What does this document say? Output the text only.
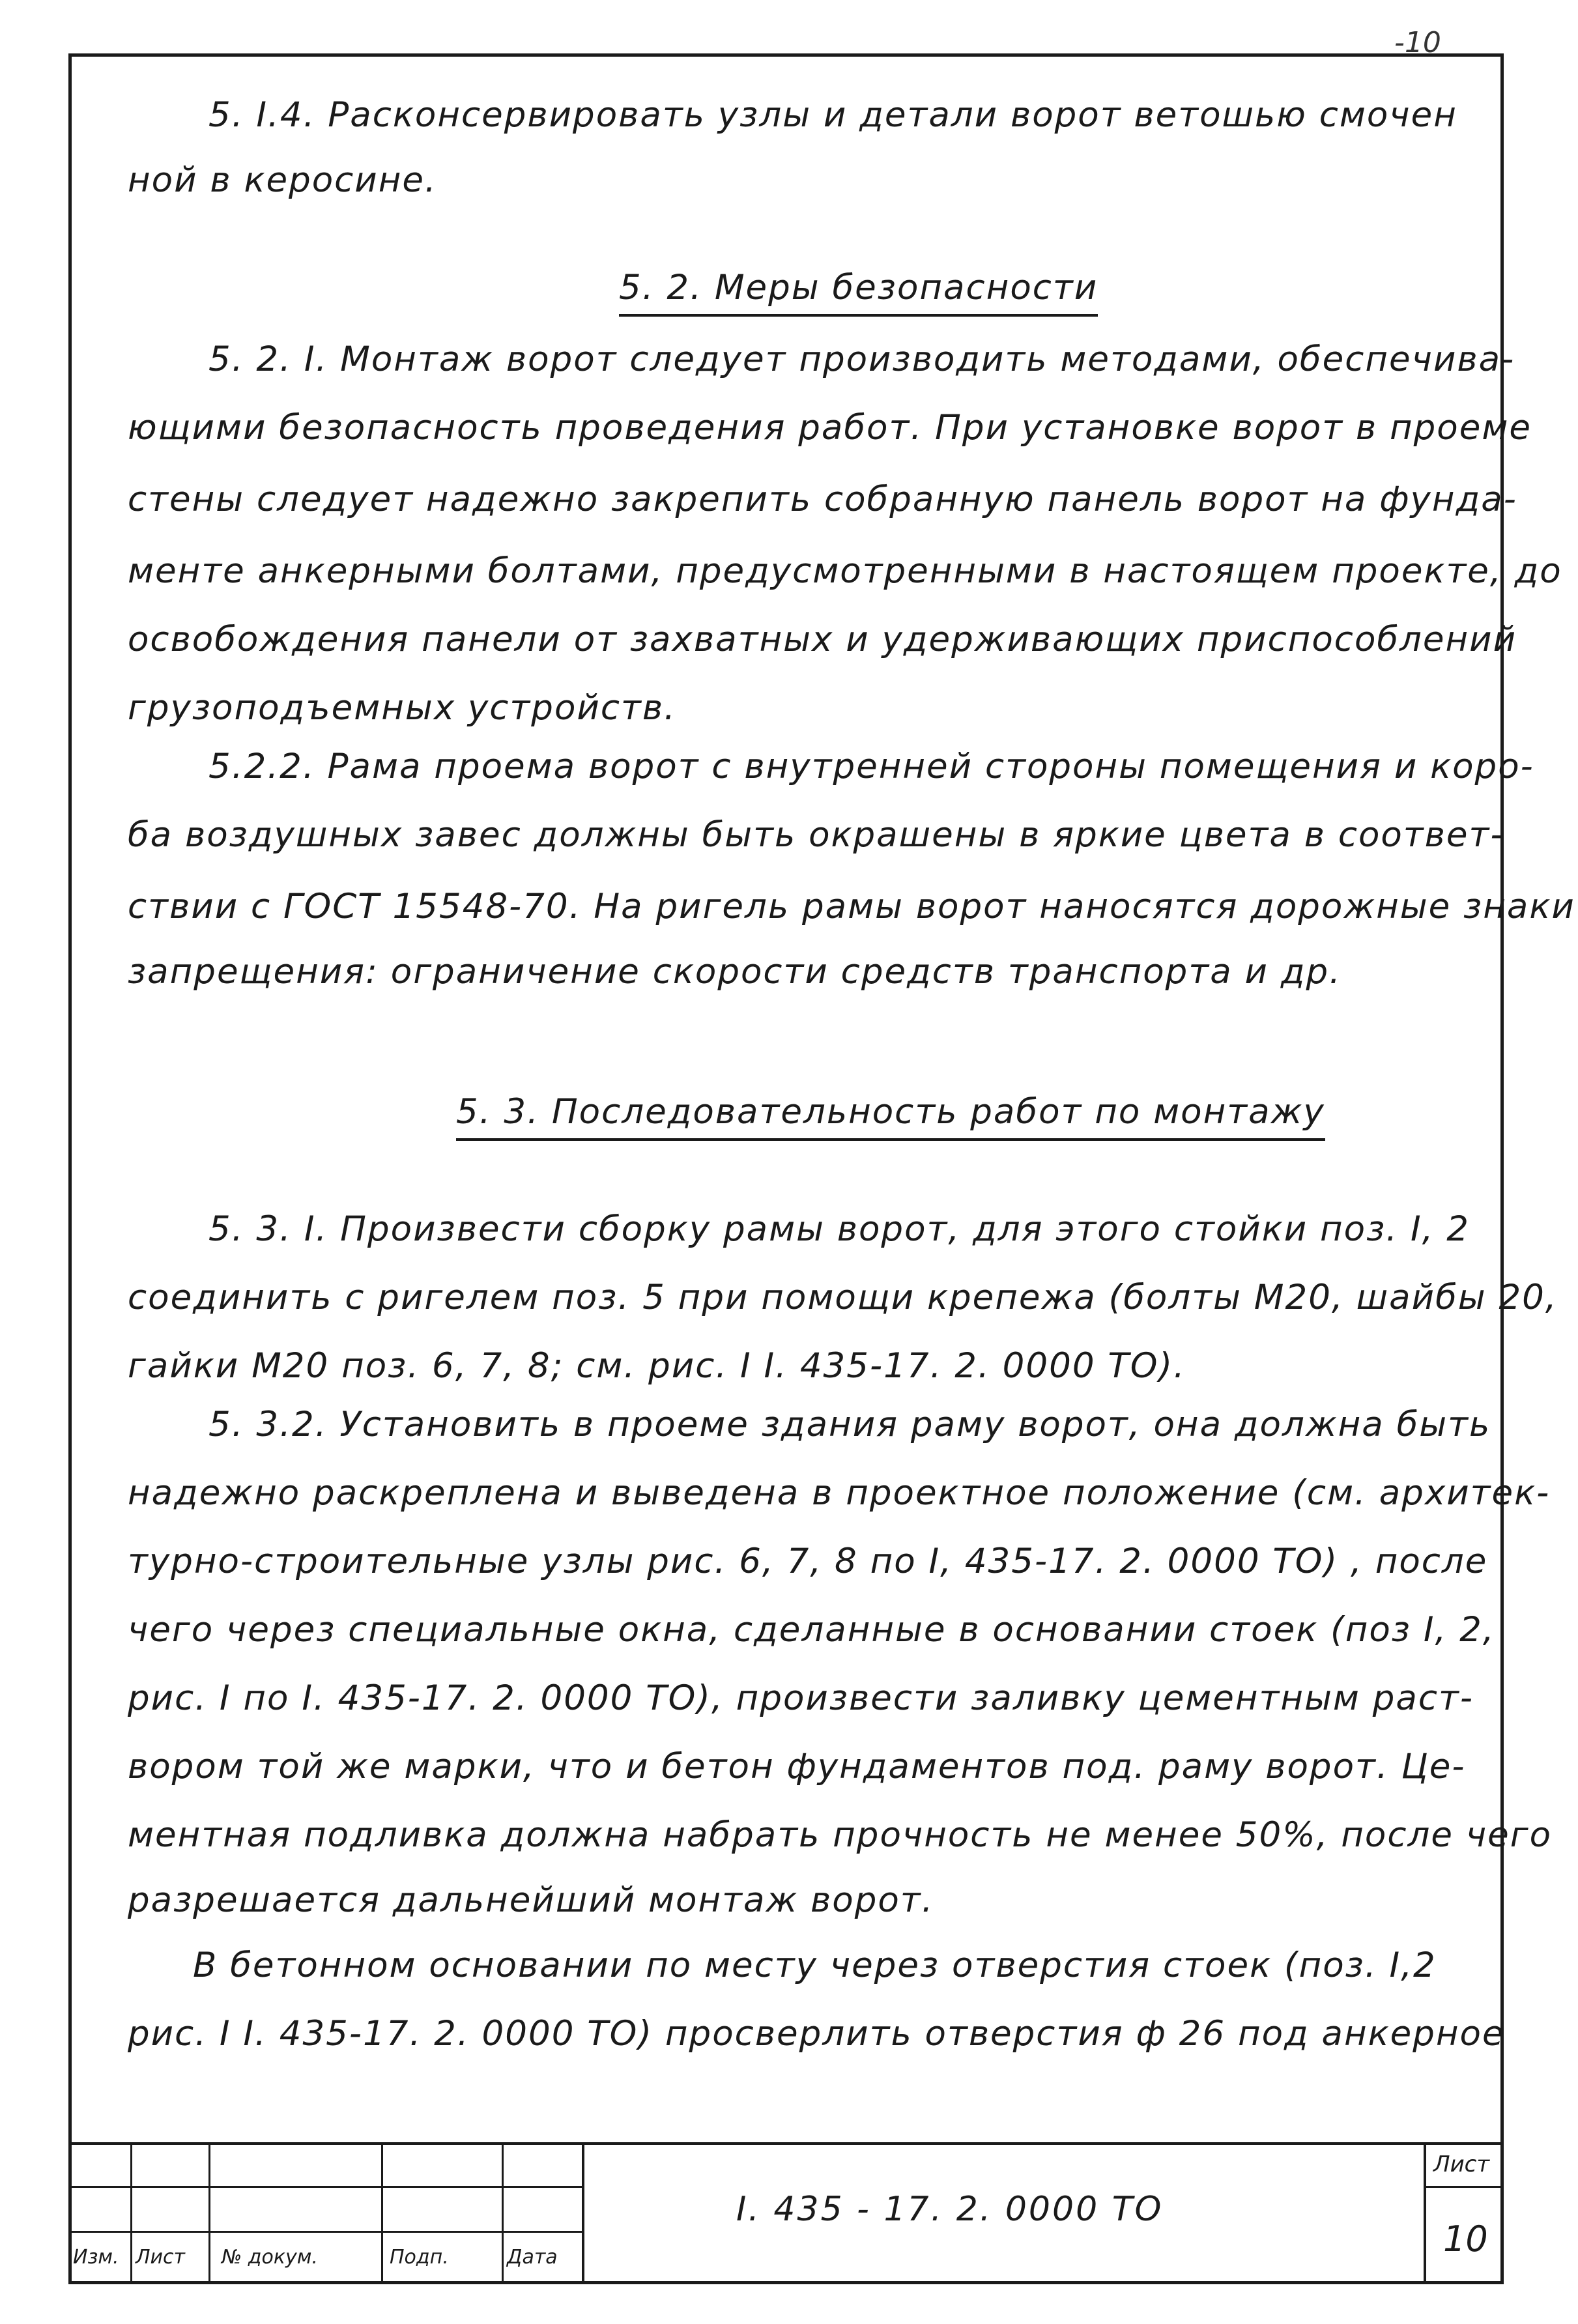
-10
5. I.4. Расконсервировать узлы и детали ворот ветошью смочен
ной в керосине.
5. 2. Меры безопасности
5. 2. I. Монтаж ворот следует производить методами, обеспечива-
ющими безопасность проведения работ. При установке ворот в проеме
стены следует надежно закрепить собранную панель ворот на фунда-
менте анкерными болтами, предусмотренными в настоящем проекте, до
освобождения панели от захватных и удерживающих приспособлений
грузоподъемных устройств.
5.2.2. Рама проема ворот с внутренней стороны помещения и коро-
ба воздушных завес должны быть окрашены в яркие цвета в соответ-
ствии с ГОСТ 15548-70. На ригель рамы ворот наносятся дорожные знаки
запрещения: ограничение скорости средств транспорта и др.
5. 3. Последовательность работ по монтажу
5. 3. I. Произвести сборку рамы ворот, для этого стойки поз. I, 2
соединить с ригелем поз. 5 при помощи крепежа (болты М20, шайбы 20,
гайки М20 поз. 6, 7, 8; см. рис. I I. 435-17. 2. 0000 ТО).
5. 3.2. Установить в проеме здания раму ворот, она должна быть
надежно раскреплена и выведена в проектное положение (см. архитек-
турно-строительные узлы рис. 6, 7, 8 по I, 435-17. 2. 0000 ТО) , после
чего через специальные окна, сделанные в основании стоек (поз I, 2,
рис. I по I. 435-17. 2. 0000 ТО), произвести заливку цементным раст-
вором той же марки, что и бетон фундаментов под. раму ворот. Це-
ментная подливка должна набрать прочность не менее 50%, после чего
разрешается дальнейший монтаж ворот.
В бетонном основании по месту через отверстия стоек (поз. I,2
рис. I I. 435-17. 2. 0000 ТО) просверлить отверстия ф 26 под анкерное
Изм. Лист № докум.	Подп.	Дата
I. 435 - 17. 2. 0000 ТО
Лист
10
